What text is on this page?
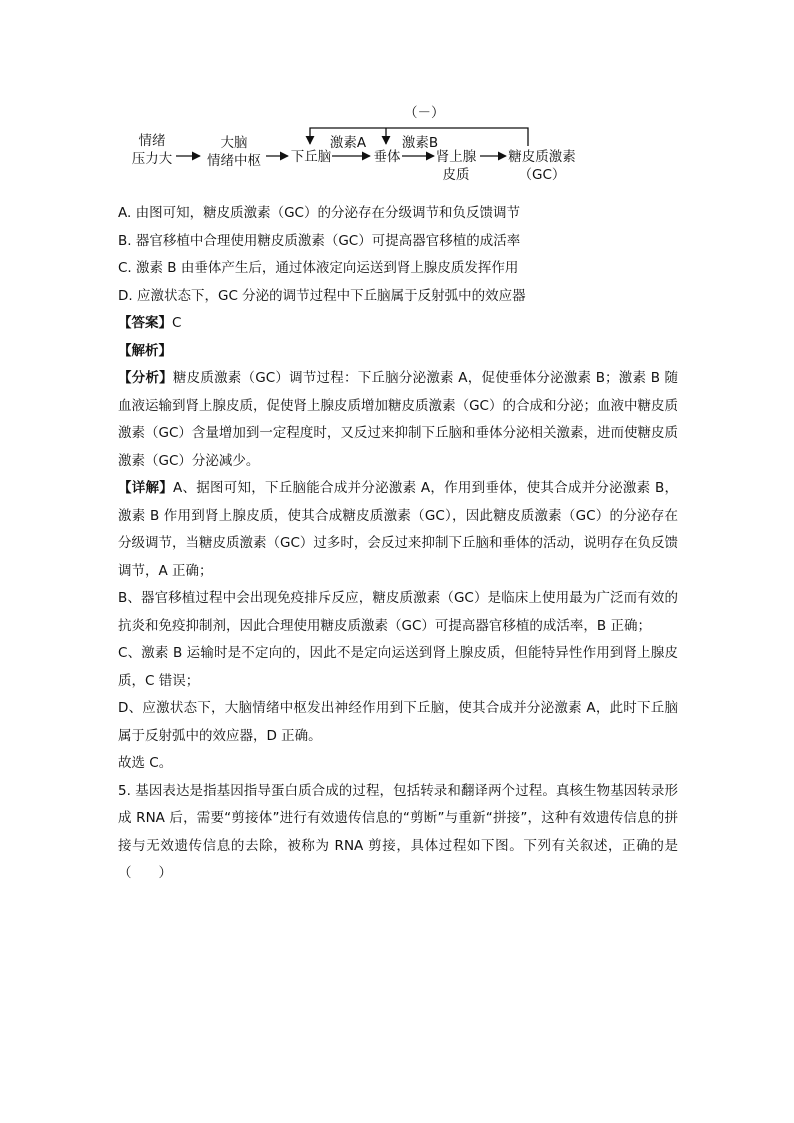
（－）
情绪
压力大
大脑
情绪中枢	下丘脑
激素A	激素B
垂体	肾上腺
皮质
糖皮质激素
（GC）

A. 由图可知，糖皮质激素（GC）的分泌存在分级调节和负反馈调节

B. 器官移植中合理使用糖皮质激素（GC）可提高器官移植的成活率

C. 激素 B 由垂体产生后，通过体液定向运送到肾上腺皮质发挥作用

D. 应激状态下，GC 分泌的调节过程中下丘脑属于反射弧中的效应器

【答案】C

【解析】

【分析】糖皮质激素（GC）调节过程：下丘脑分泌激素 A，促使垂体分泌激素 B；激素 B 随血液运输到肾上腺皮质，促使肾上腺皮质增加糖皮质激素（GC）的合成和分泌；血液中糖皮质激素（GC）含量增加到一定程度时，又反过来抑制下丘脑和垂体分泌相关激素，进而使糖皮质激素（GC）分泌减少。

【详解】A、据图可知，下丘脑能合成并分泌激素 A，作用到垂体，使其合成并分泌激素 B，激素 B 作用到肾上腺皮质，使其合成糖皮质激素（GC），因此糖皮质激素（GC）的分泌存在分级调节，当糖皮质激素（GC）过多时，会反过来抑制下丘脑和垂体的活动，说明存在负反馈调节，A 正确；

B、器官移植过程中会出现免疫排斥反应，糖皮质激素（GC）是临床上使用最为广泛而有效的抗炎和免疫抑制剂，因此合理使用糖皮质激素（GC）可提高器官移植的成活率，B 正确；

C、激素 B 运输时是不定向的，因此不是定向运送到肾上腺皮质，但能特异性作用到肾上腺皮质，C 错误；

D、应激状态下，大脑情绪中枢发出神经作用到下丘脑，使其合成并分泌激素 A，此时下丘脑属于反射弧中的效应器，D 正确。

故选 C。

5. 基因表达是指基因指导蛋白质合成的过程，包括转录和翻译两个过程。真核生物基因转录形成 RNA 后，需要“剪接体”进行有效遗传信息的“剪断”与重新“拼接”，这种有效遗传信息的拼接与无效遗传信息的去除，被称为 RNA 剪接，具体过程如下图。下列有关叙述，正确的是（　　）
